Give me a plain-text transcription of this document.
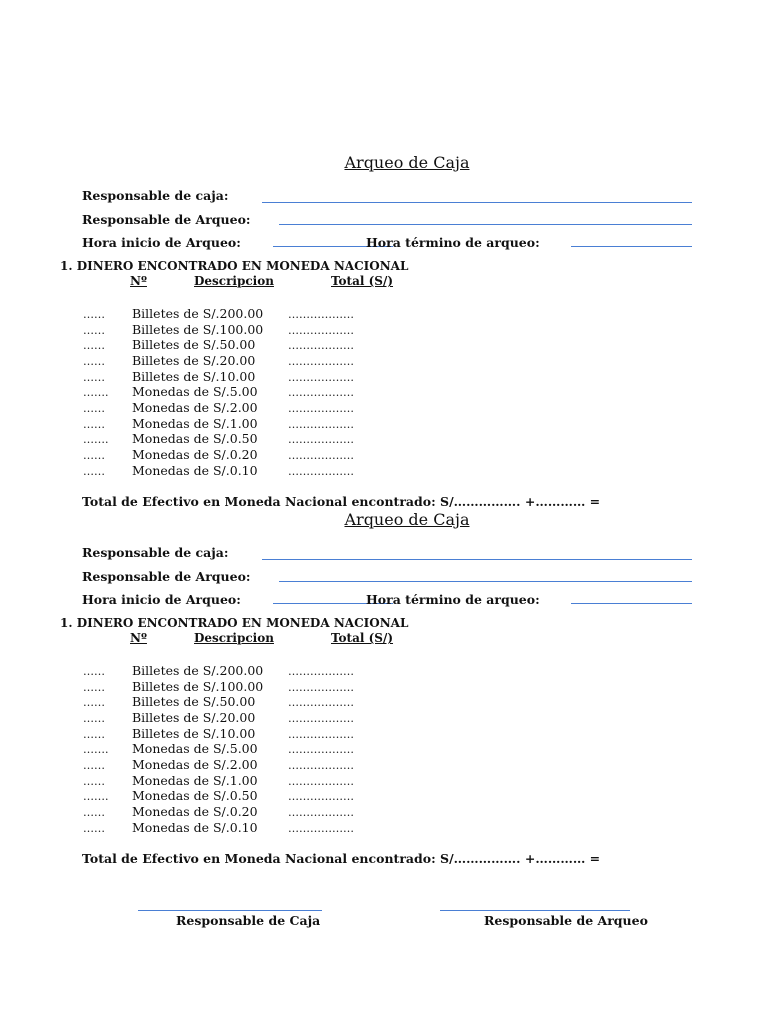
Arqueo de Caja
Responsable de caja:
Responsable de Arqueo:
Hora inicio de Arqueo:	Hora término de arqueo:
1. DINERO ENCONTRADO EN MONEDA NACIONAL
Nº	Descripcion	Total (S/)
…… Billetes de S/.200.00 ………………
…… Billetes de S/.100.00 ………………
…… Billetes de S/.50.00	………………
…… Billetes de S/.20.00	………………
…… Billetes de S/.10.00	………………
……. Monedas de S/.5.00	………………
…… Monedas de S/.2.00	………………
…… Monedas de S/.1.00	………………
……. Monedas de S/.0.50	………………
…… Monedas de S/.0.20	………………
…… Monedas de S/.0.10	………………
Total de Efectivo en Moneda Nacional encontrado: S/……………. +………… =
Arqueo de Caja
Responsable de caja:
Responsable de Arqueo:
Hora inicio de Arqueo:	Hora término de arqueo:
1. DINERO ENCONTRADO EN MONEDA NACIONAL
Nº	Descripcion	Total (S/)
…… Billetes de S/.200.00 ………………
…… Billetes de S/.100.00 ………………
…… Billetes de S/.50.00	………………
…… Billetes de S/.20.00	………………
…… Billetes de S/.10.00	………………
……. Monedas de S/.5.00	………………
…… Monedas de S/.2.00	………………
…… Monedas de S/.1.00	………………
……. Monedas de S/.0.50	………………
…… Monedas de S/.0.20	………………
…… Monedas de S/.0.10	………………
Total de Efectivo en Moneda Nacional encontrado: S/……………. +………… =
Responsable de Caja	Responsable de Arqueo
